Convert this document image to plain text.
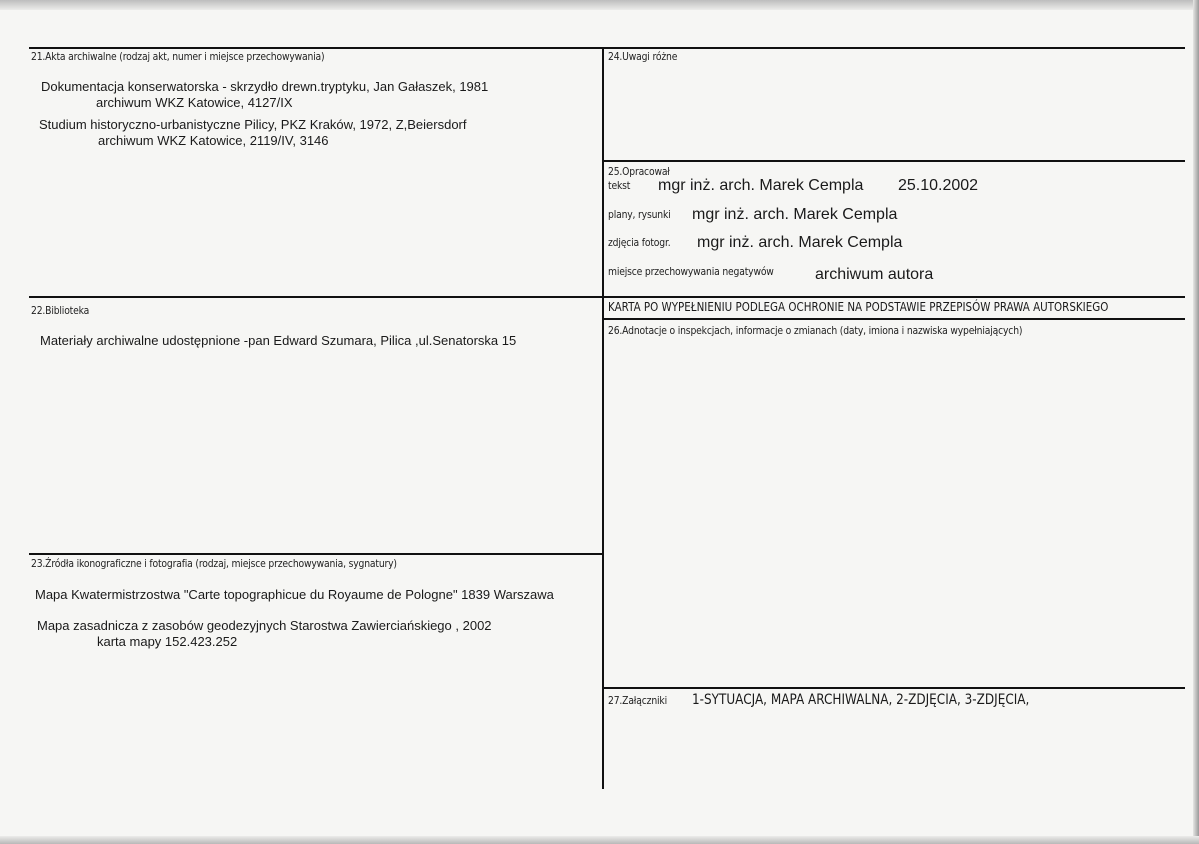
21.Akta archiwalne (rodzaj akt, numer i miejsce przechowywania)
Dokumentacja konserwatorska - skrzydło drewn.tryptyku, Jan Gałaszek, 1981
archiwum WKZ Katowice, 4127/IX
Studium historyczno-urbanistyczne Pilicy, PKZ Kraków, 1972, Z,Beiersdorf
archiwum WKZ Katowice, 2119/IV, 3146
22.Biblioteka
Materiały archiwalne udostępnione -pan Edward Szumara, Pilica ,ul.Senatorska 15
23.Źródła ikonograficzne i fotografia (rodzaj, miejsce przechowywania, sygnatury)
Mapa Kwatermistrzostwa "Carte topographicue du Royaume de Pologne" 1839 Warszawa
Mapa zasadnicza z zasobów geodezyjnych Starostwa Zawierciańskiego , 2002
karta mapy 152.423.252
24.Uwagi różne
25.Opracował
tekst mgr inż. arch. Marek Cempla 25.10.2002
plany, rysunki mgr inż. arch. Marek Cempla
zdjęcia fotogr. mgr inż. arch. Marek Cempla
miejsce przechowywania negatywów	archiwum autora
KARTA PO WYPEŁNIENIU PODLEGA OCHRONIE NA PODSTAWIE PRZEPISÓW PRAWA AUTORSKIEGO
26.Adnotacje o inspekcjach, informacje o zmianach (daty, imiona i nazwiska wypełniających)
27.Załączniki 1-SYTUACJA, MAPA ARCHIWALNA, 2-ZDJĘCIA, 3-ZDJĘCIA,
